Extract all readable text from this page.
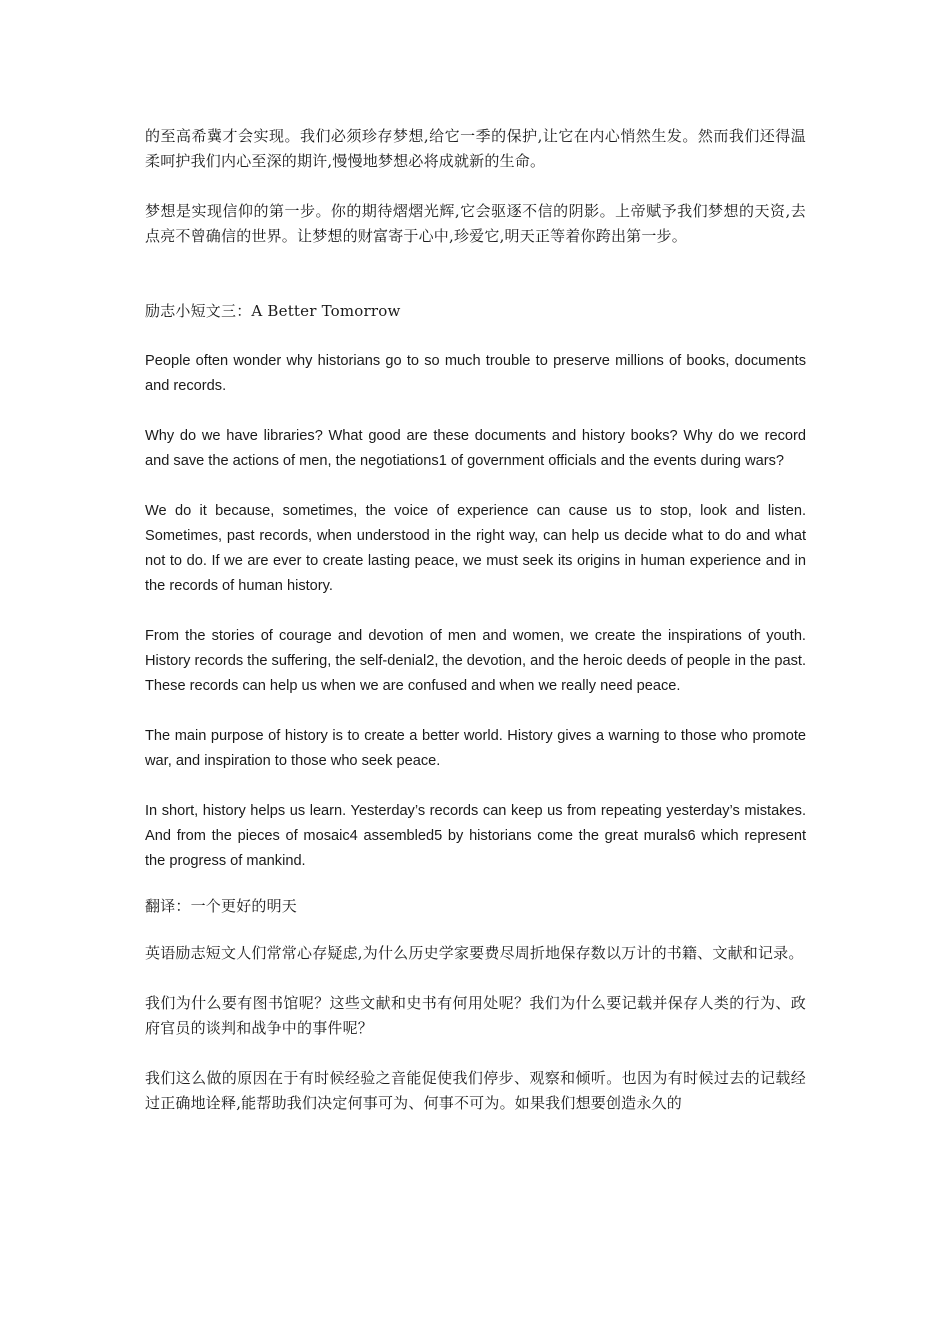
的至高希冀才会实现。我们必须珍存梦想,给它一季的保护,让它在内心悄然生发。然而我们还得温柔呵护我们内心至深的期许,慢慢地梦想必将成就新的生命。

梦想是实现信仰的第一步。你的期待熠熠光辉,它会驱逐不信的阴影。上帝赋予我们梦想的天资,去点亮不曾确信的世界。让梦想的财富寄于心中,珍爱它,明天正等着你跨出第一步。

励志小短文三：A Better Tomorrow

People often wonder why historians go to so much trouble to preserve millions of books, documents and records.

Why do we have libraries? What good are these documents and history books? Why do we record and save the actions of men, the negotiations1 of government officials and the events during wars?

We do it because, sometimes, the voice of experience can cause us to stop, look and listen. Sometimes, past records, when understood in the right way, can help us decide what to do and what not to do. If we are ever to create lasting peace, we must seek its origins in human experience and in the records of human history.

From the stories of courage and devotion of men and women, we create the inspirations of youth. History records the suffering, the self-denial2, the devotion, and the heroic deeds of people in the past. These records can help us when we are confused and when we really need peace.

The main purpose of history is to create a better world. History gives a warning to those who promote war, and inspiration to those who seek peace.

In short, history helps us learn. Yesterday’s records can keep us from repeating yesterday’s mistakes. And from the pieces of mosaic4 assembled5 by historians come the great murals6 which represent the progress of mankind.

翻译：一个更好的明天

英语励志短文人们常常心存疑虑,为什么历史学家要费尽周折地保存数以万计的书籍、文献和记录。

我们为什么要有图书馆呢？这些文献和史书有何用处呢？我们为什么要记载并保存人类的行为、政府官员的谈判和战争中的事件呢？

我们这么做的原因在于有时候经验之音能促使我们停步、观察和倾听。也因为有时候过去的记载经过正确地诠释,能帮助我们决定何事可为、何事不可为。如果我们想要创造永久的
